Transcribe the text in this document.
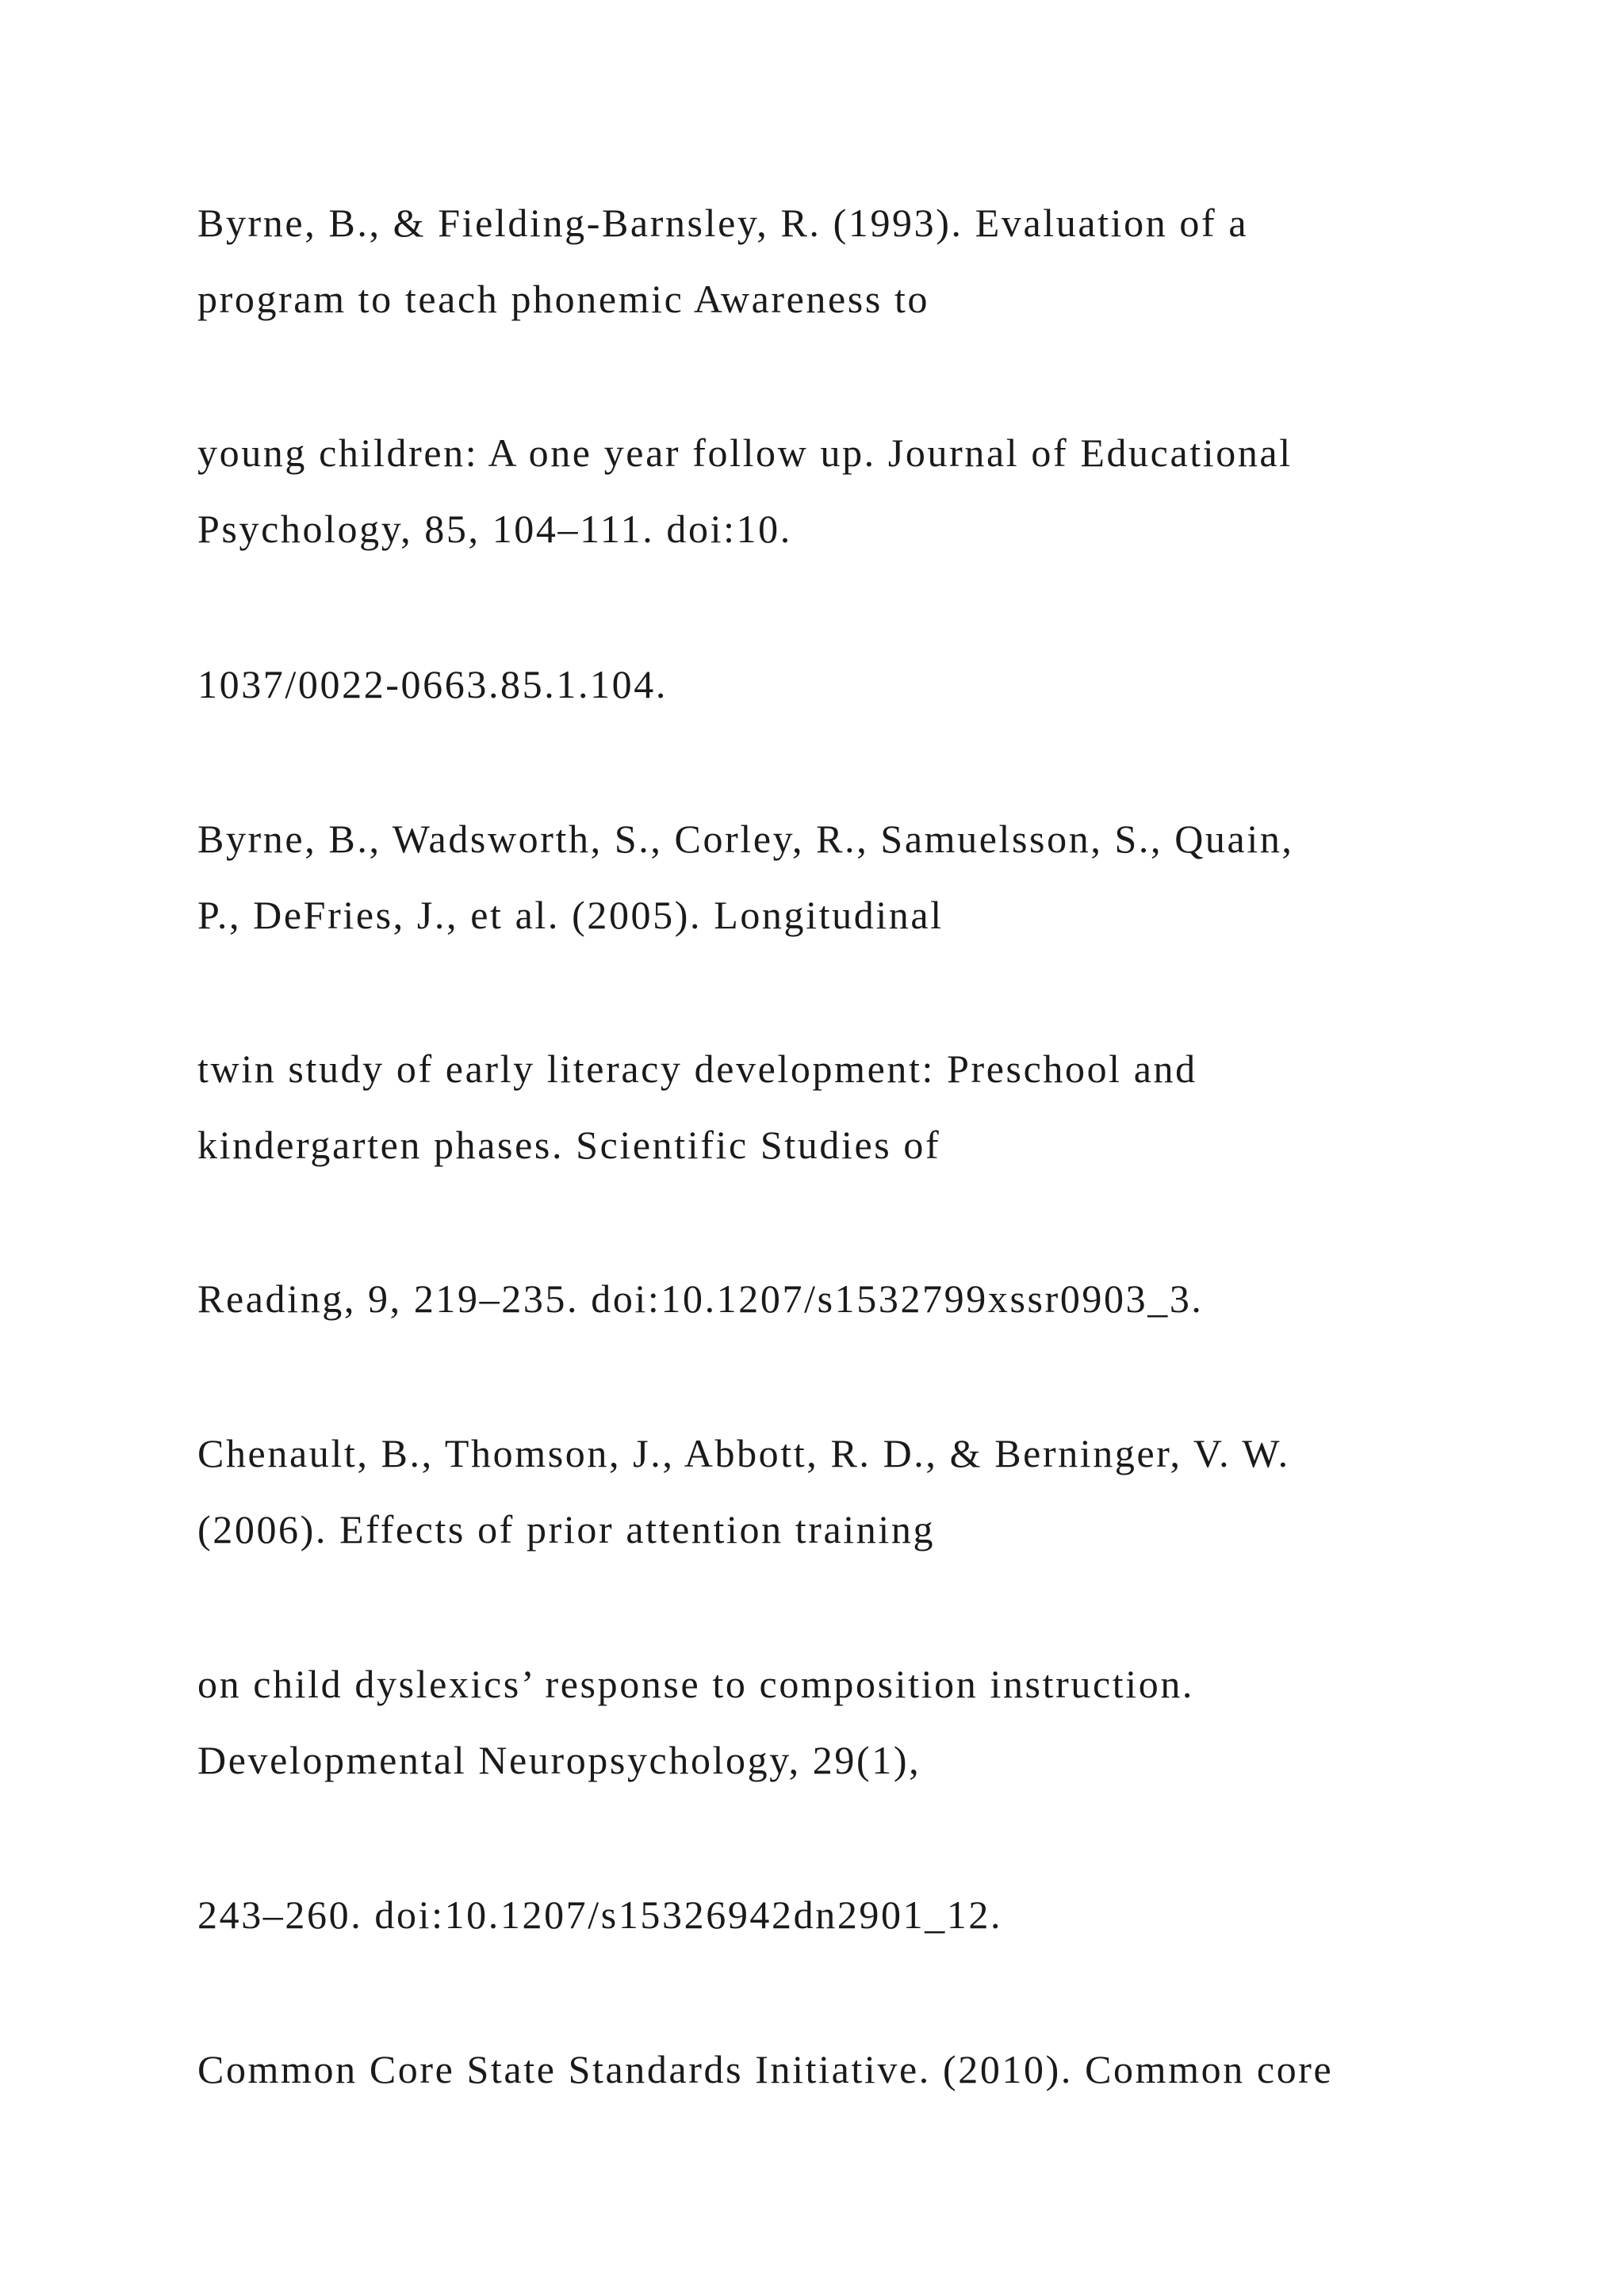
Byrne, B., & Fielding-Barnsley, R. (1993). Evaluation of a
program to teach phonemic Awareness to

young children: A one year follow up. Journal of Educational
Psychology, 85, 104–111. doi:10.

1037/0022-0663.85.1.104.

Byrne, B., Wadsworth, S., Corley, R., Samuelsson, S., Quain,
P., DeFries, J., et al. (2005). Longitudinal

twin study of early literacy development: Preschool and
kindergarten phases. Scientific Studies of

Reading, 9, 219–235. doi:10.1207/s1532799xssr0903_3.

Chenault, B., Thomson, J., Abbott, R. D., & Berninger, V. W.
(2006). Effects of prior attention training

on child dyslexics’ response to composition instruction.
Developmental Neuropsychology, 29(1),

243–260. doi:10.1207/s15326942dn2901_12.

Common Core State Standards Initiative. (2010). Common core
